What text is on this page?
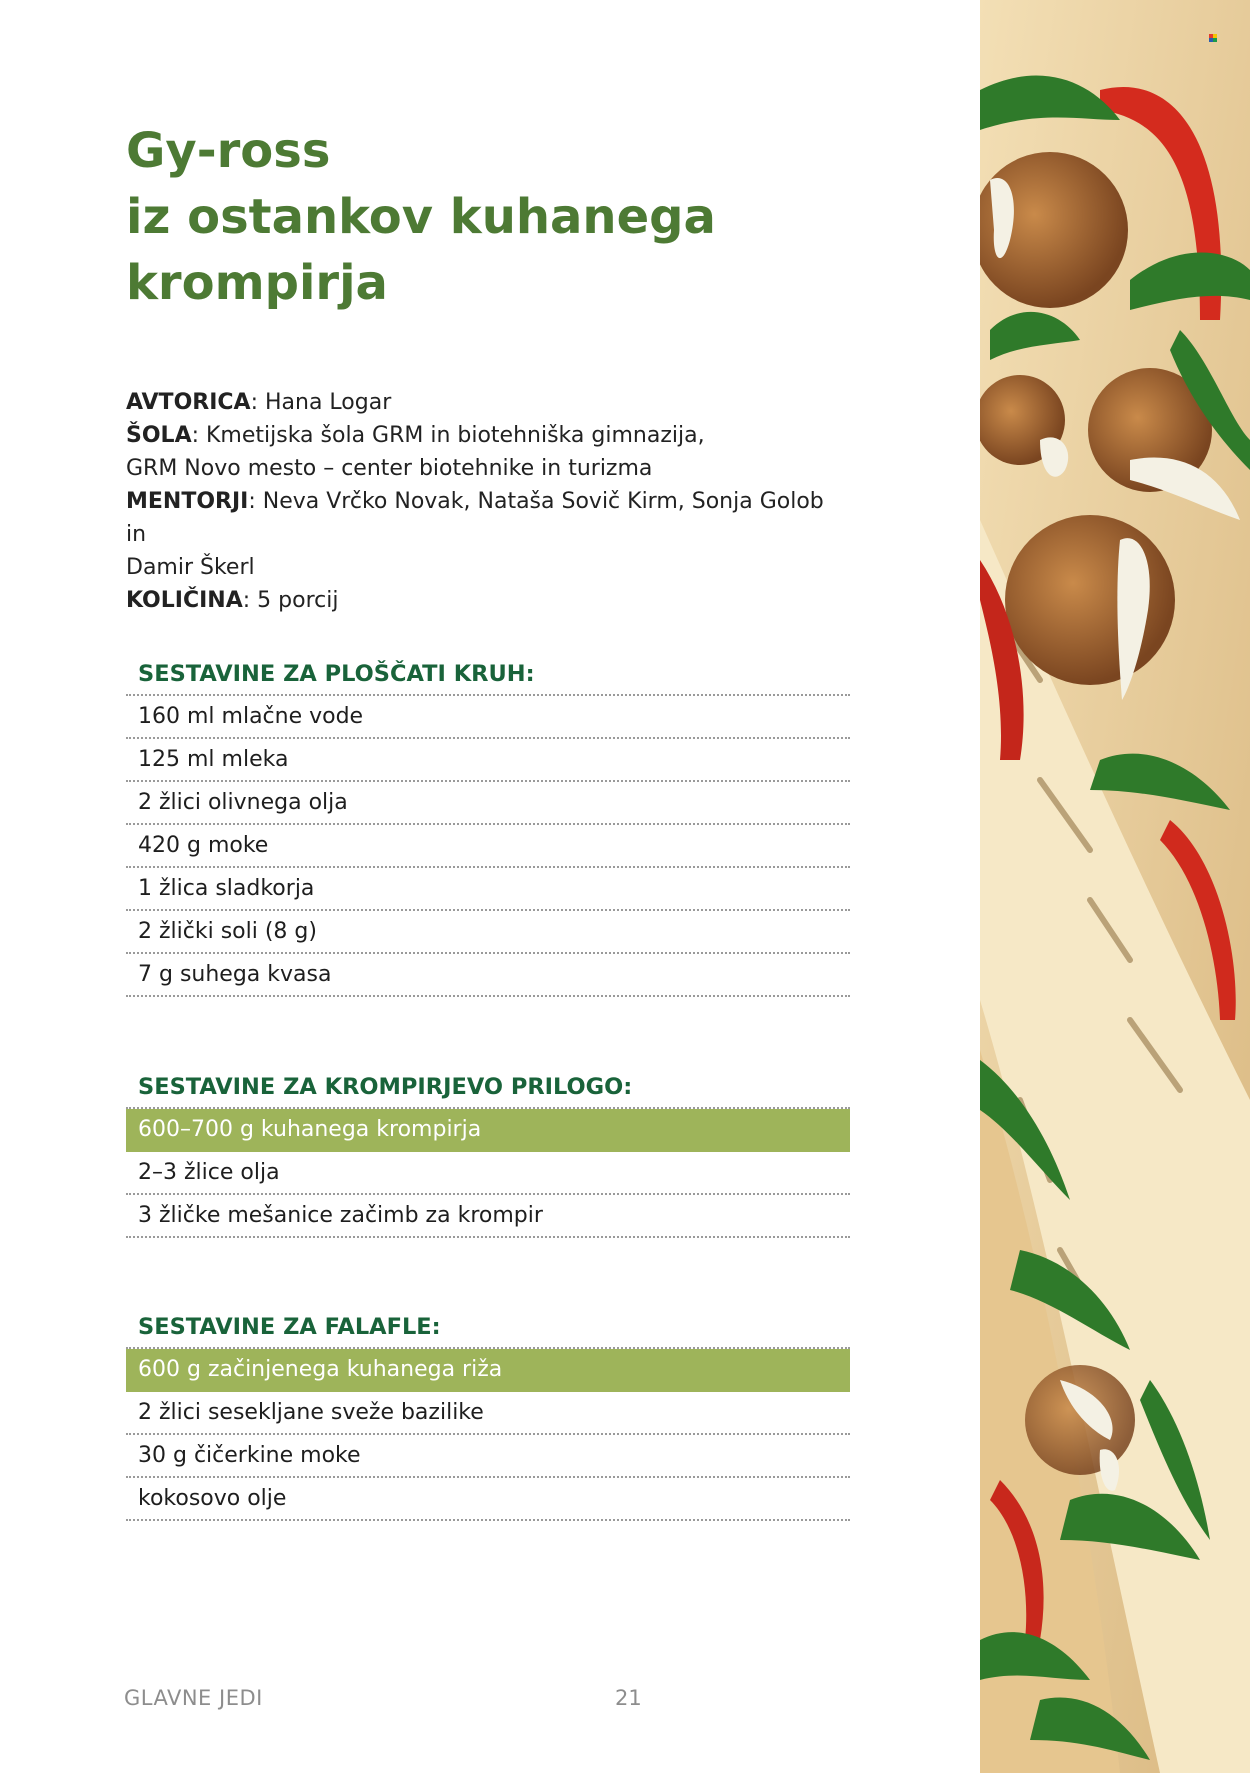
Gy-ross
iz ostankov kuhanega
krompirja
AVTORICA: Hana Logar
ŠOLA: Kmetijska šola GRM in biotehniška gimnazija,
GRM Novo mesto – center biotehnike in turizma
MENTORJI: Neva Vrčko Novak, Nataša Sovič Kirm, Sonja Golob in
Damir Škerl
KOLIČINA: 5 porcij
SESTAVINE ZA PLOŠČATI KRUH:
160 ml mlačne vode
125 ml mleka
2 žlici olivnega olja
420 g moke
1 žlica sladkorja
2 žlički soli (8 g)
7 g suhega kvasa
SESTAVINE ZA KROMPIRJEVO PRILOGO:
600–700 g kuhanega krompirja
2–3 žlice olja
3 žličke mešanice začimb za krompir
SESTAVINE ZA FALAFLE:
600 g začinjenega kuhanega riža
2 žlici sesekljane sveže bazilike
30 g čičerkine moke
kokosovo olje
GLAVNE JEDI	21
